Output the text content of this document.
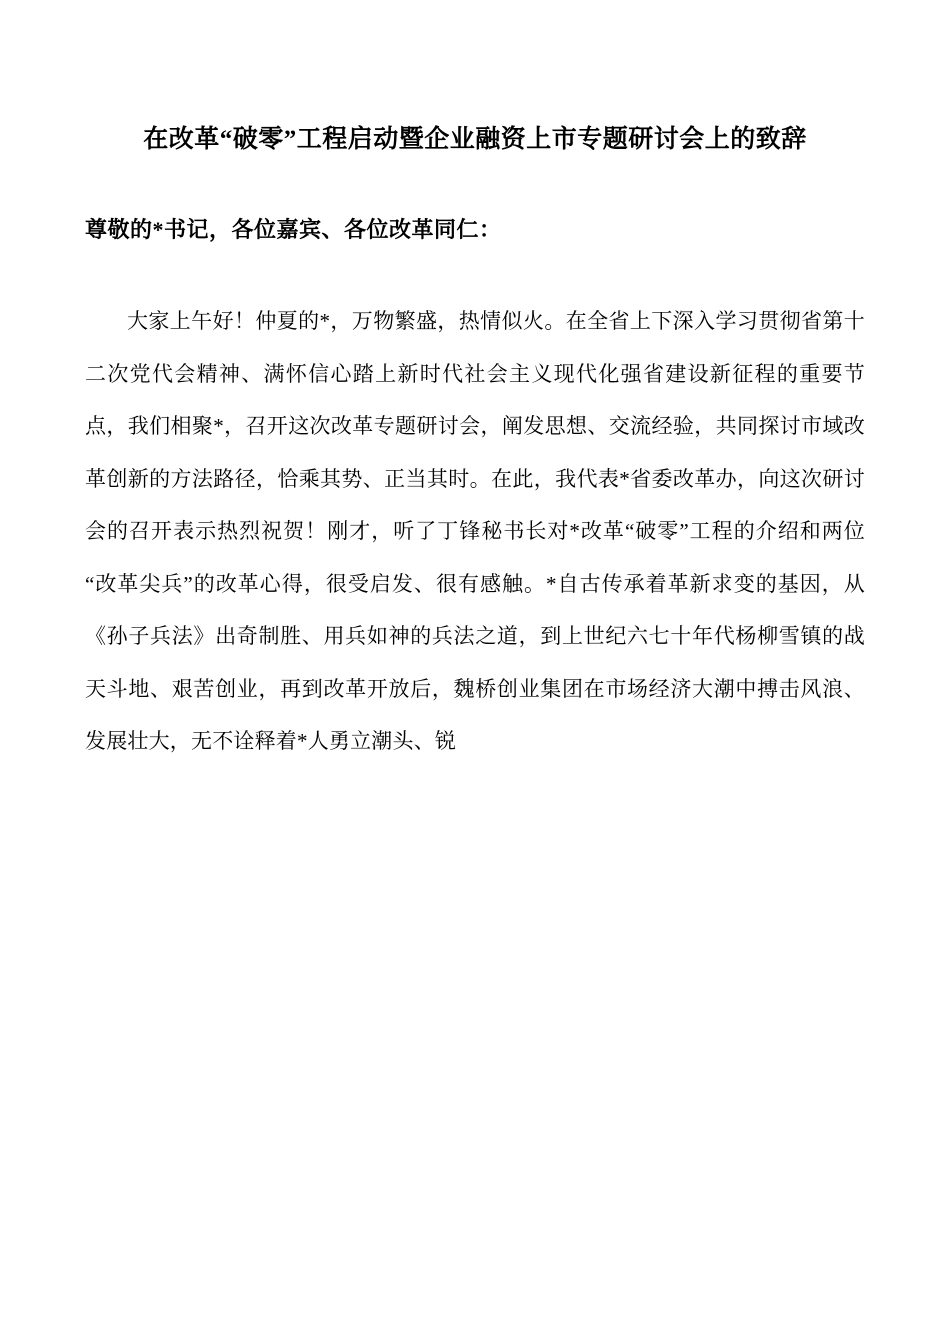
在改革“破零”工程启动暨企业融资上市专题研讨会上的致辞

尊敬的*书记，各位嘉宾、各位改革同仁：

大家上午好！仲夏的*，万物繁盛，热情似火。在全省上下深入学习贯彻省第十二次党代会精神、满怀信心踏上新时代社会主义现代化强省建设新征程的重要节点，我们相聚*，召开这次改革专题研讨会，阐发思想、交流经验，共同探讨市域改革创新的方法路径，恰乘其势、正当其时。在此，我代表*省委改革办，向这次研讨会的召开表示热烈祝贺！刚才，听了丁锋秘书长对*改革“破零”工程的介绍和两位 “改革尖兵”的改革心得，很受启发、很有感触。*自古传承着革新求变的基因，从《孙子兵法》出奇制胜、用兵如神的兵法之道，到上世纪六七十年代杨柳雪镇的战天斗地、艰苦创业，再到改革开放后，魏桥创业集团在市场经济大潮中搏击风浪、发展壮大，无不诠释着*人勇立潮头、锐
